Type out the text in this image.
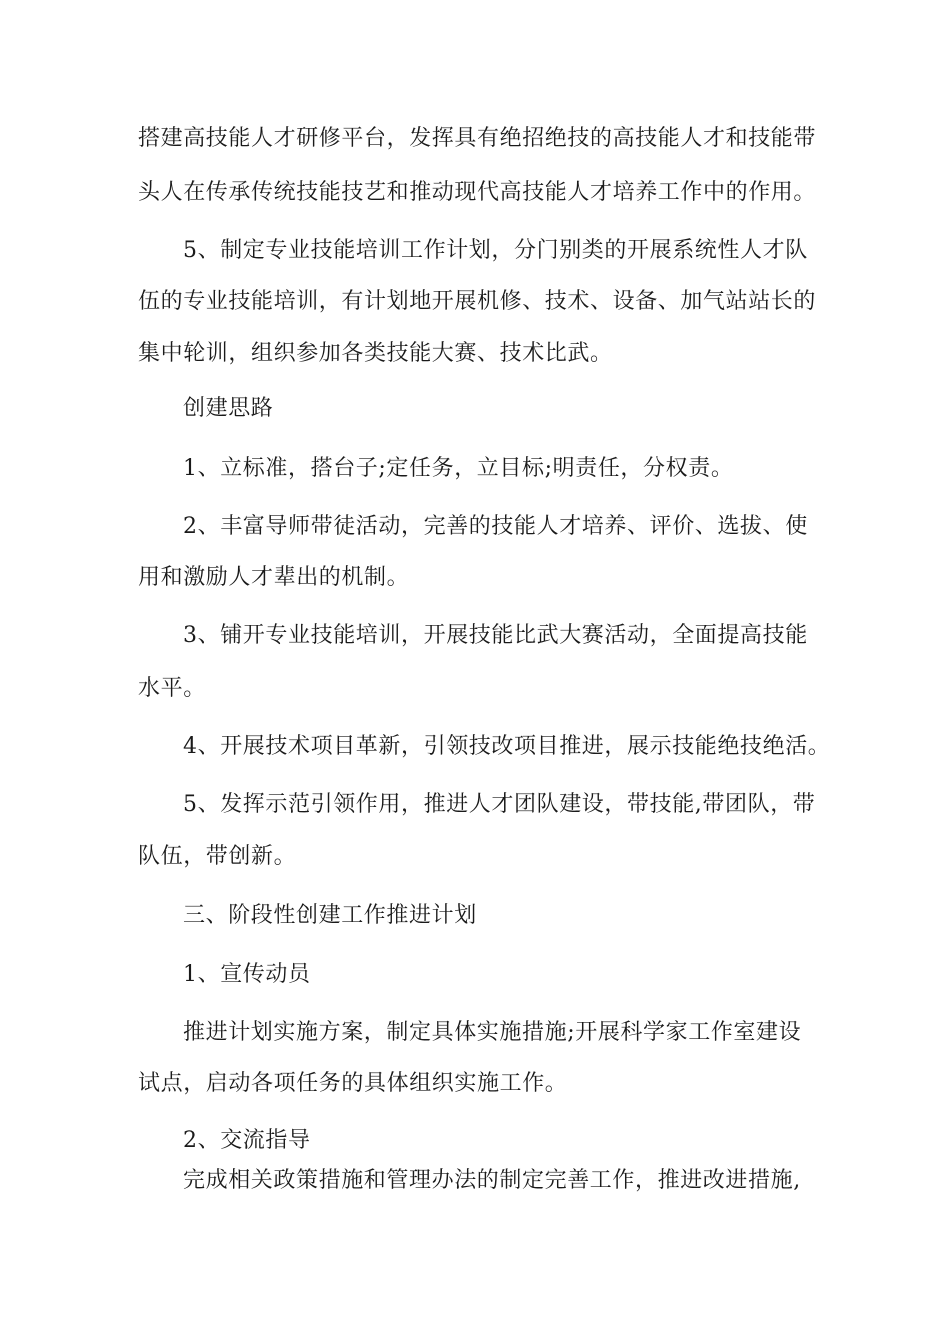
搭建高技能人才研修平台，发挥具有绝招绝技的高技能人才和技能带
头人在传承传统技能技艺和推动现代高技能人才培养工作中的作用。
5、制定专业技能培训工作计划，分门别类的开展系统性人才队
伍的专业技能培训，有计划地开展机修、技术、设备、加气站站长的
集中轮训，组织参加各类技能大赛、技术比武。
创建思路
1、立标准，搭台子;定任务，立目标;明责任，分权责。
2、丰富导师带徒活动，完善的技能人才培养、评价、选拔、使
用和激励人才辈出的机制。
3、铺开专业技能培训，开展技能比武大赛活动，全面提高技能
水平。
4、开展技术项目革新，引领技改项目推进，展示技能绝技绝活。
5、发挥示范引领作用，推进人才团队建设，带技能,带团队，带
队伍，带创新。
三、阶段性创建工作推进计划
1、宣传动员
推进计划实施方案，制定具体实施措施;开展科学家工作室建设
试点，启动各项任务的具体组织实施工作。
2、交流指导
完成相关政策措施和管理办法的制定完善工作，推进改进措施,
